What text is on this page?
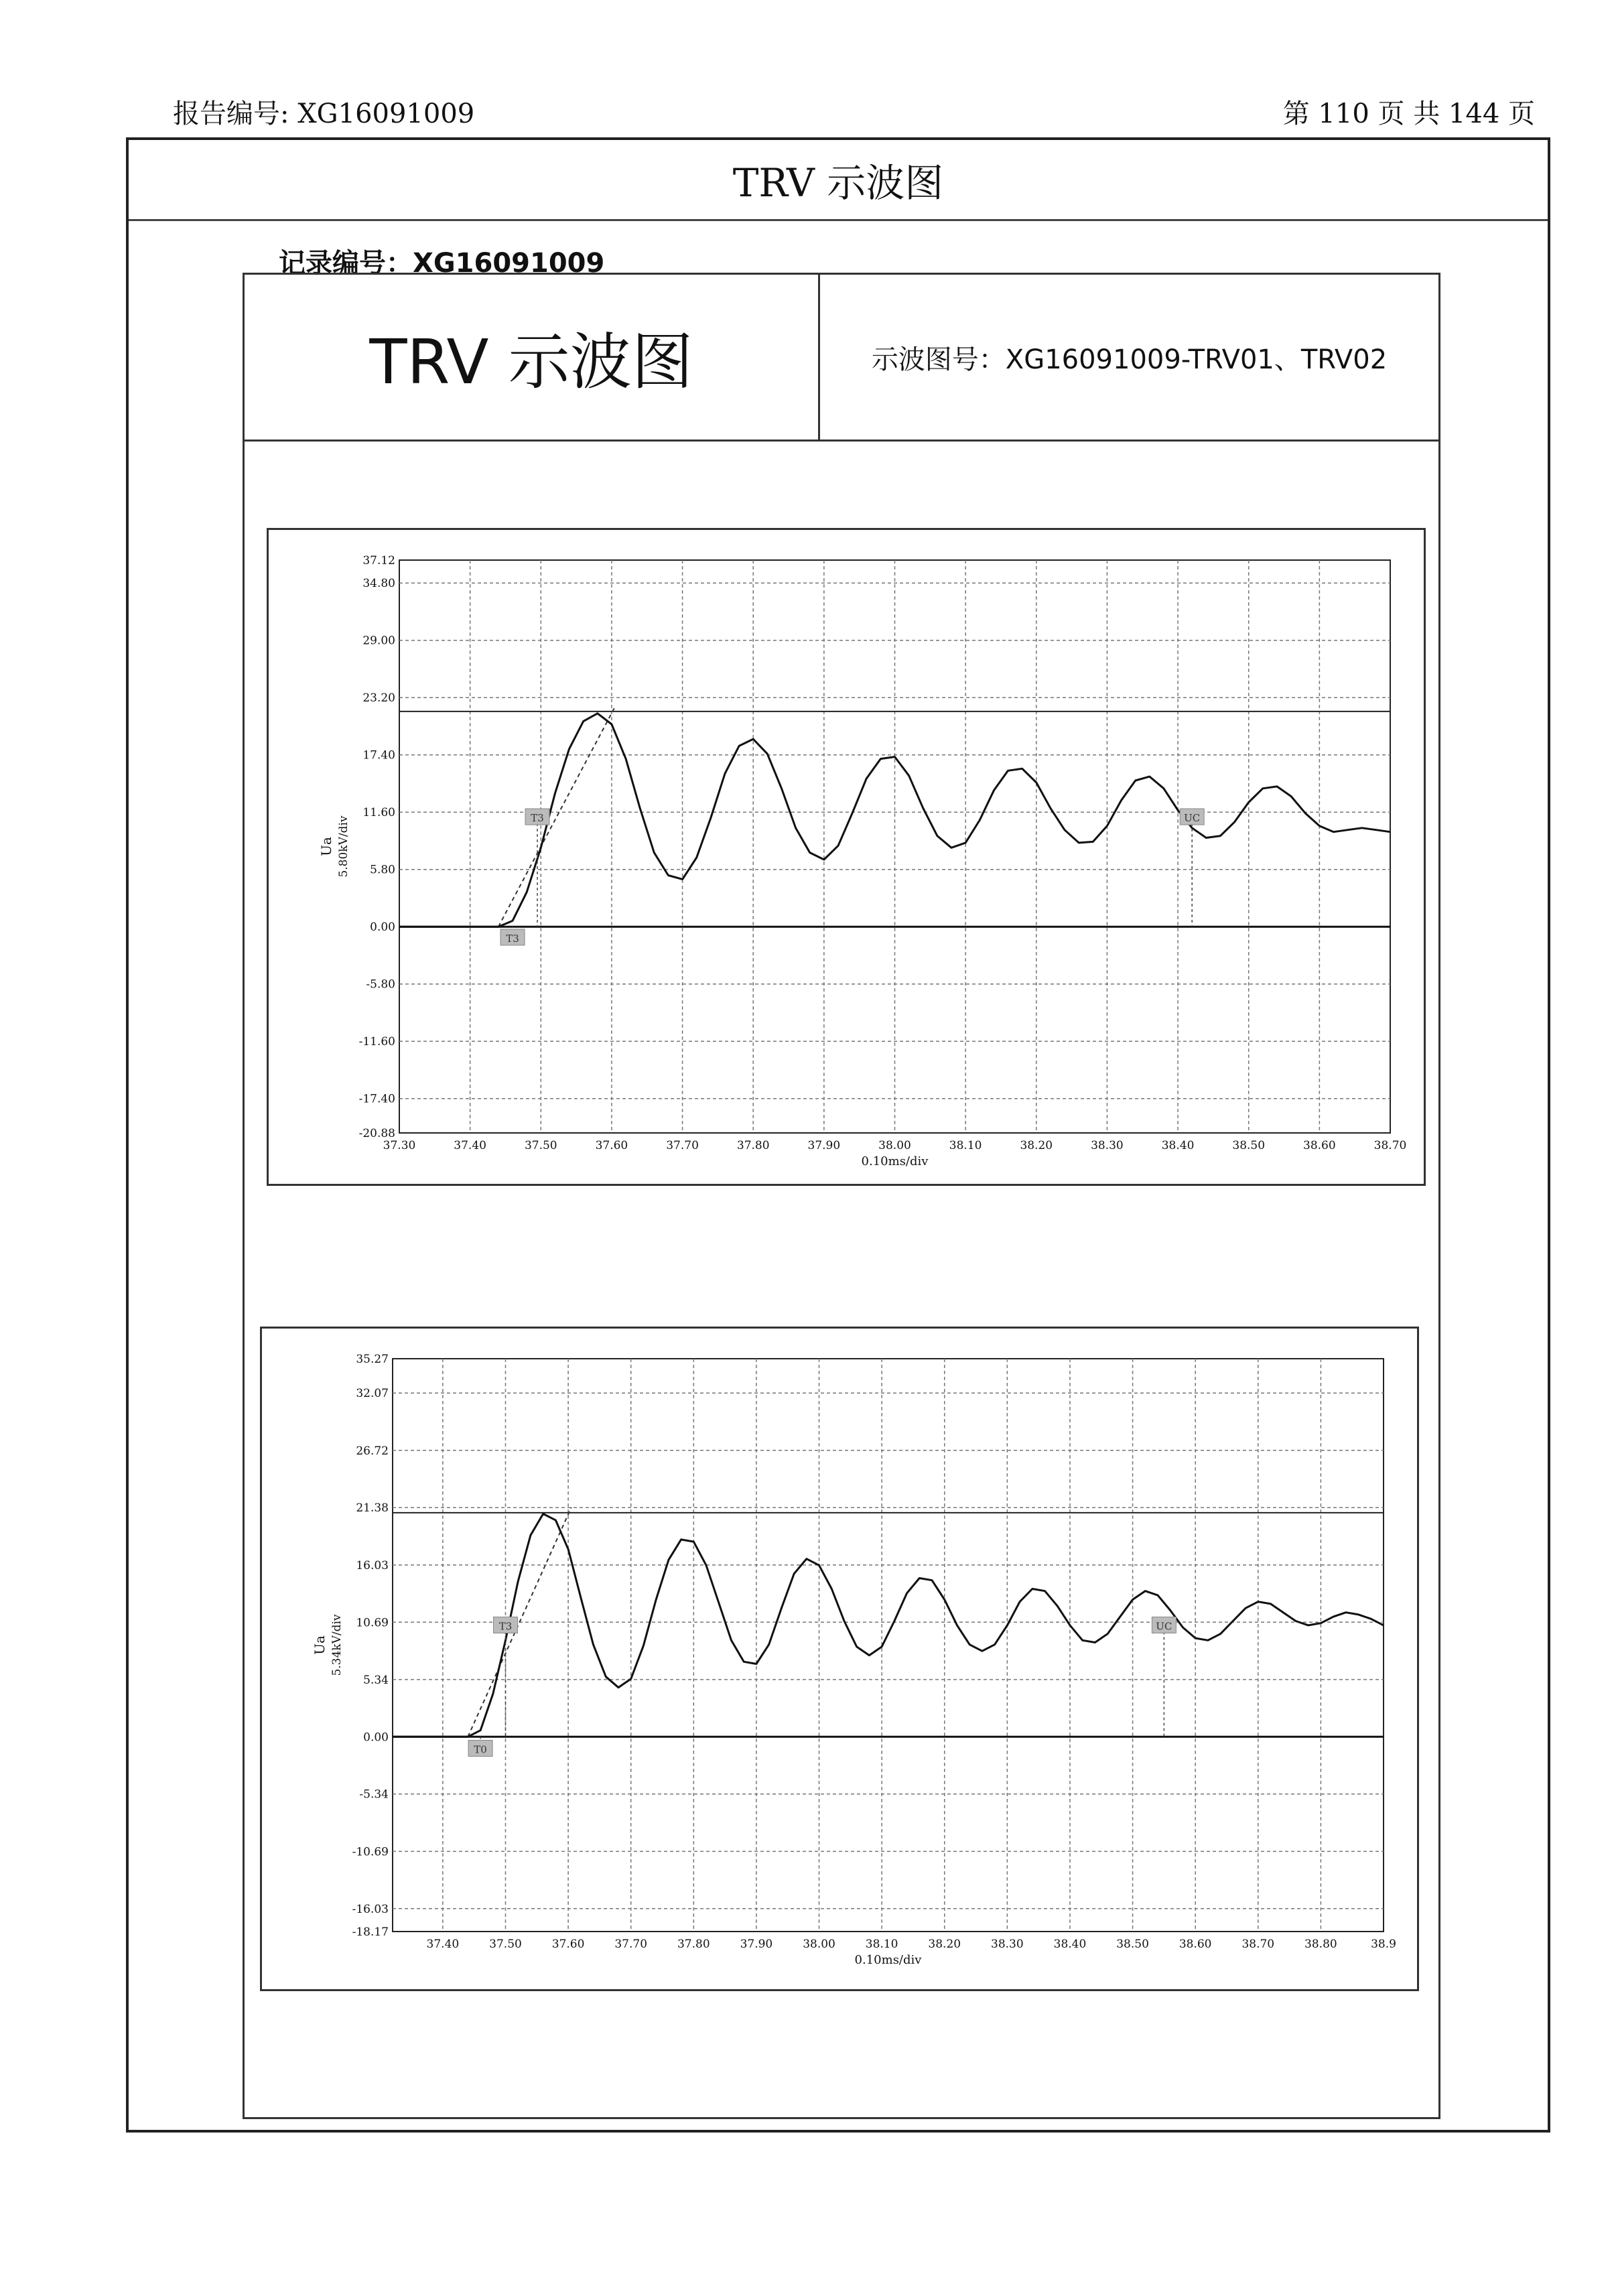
报告编号: XG16091009	第 110 页 共 144 页
TRV 示波图
记录编号：XG16091009
TRV 示波图	示波图号：XG16091009-TRV01、TRV02
37.30	37.40	37.50	37.60	37.70	37.80	37.90	38.00	38.10	38.20	38.30	38.40	38.50	38.60	38.70
37.12
34.80
29.00
23.20
17.40
11.60
5.80
0.00
-5.80
-11.60
-17.40
-20.88
0.10ms/div
Ua 5.80kV/div	T3
T3
UC
37.40	37.50	37.60	37.70	37.80	37.90	38.00	38.10	38.20	38.30	38.40	38.50	38.60	38.70	38.80	38.9
35.27
32.07
26.72
21.38
16.03
10.69
5.34
0.00
-5.34
-10.69
-16.03
-18.17
0.10ms/div
Ua 5.34kV/div	T3
T0
UC
